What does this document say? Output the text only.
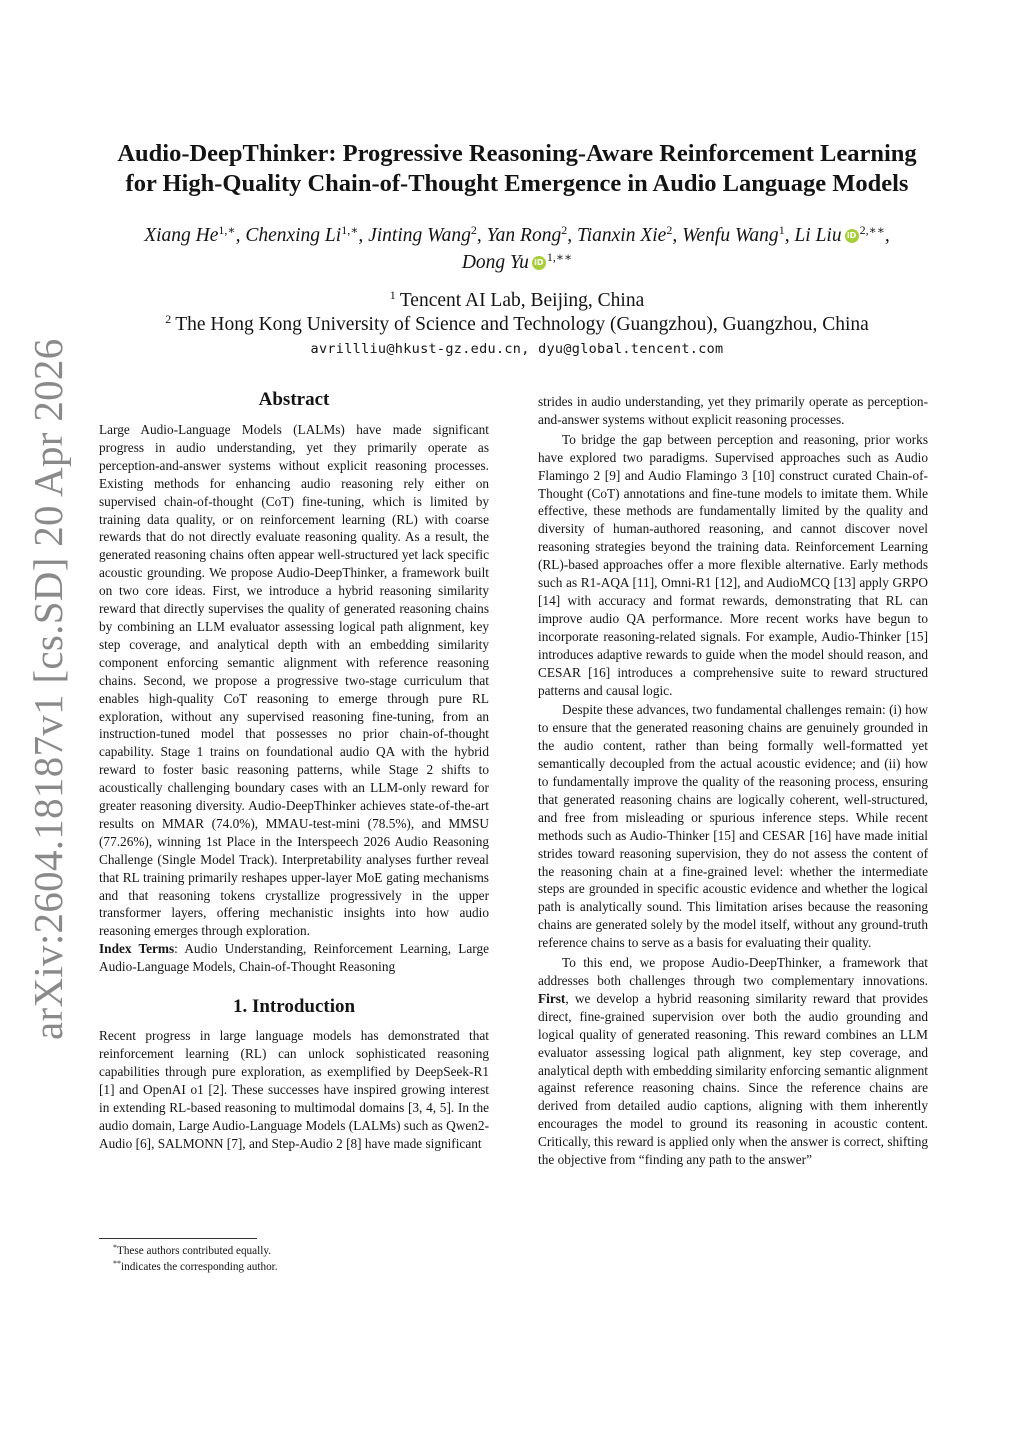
arXiv:2604.18187v1 [cs.SD] 20 Apr 2026
Audio-DeepThinker: Progressive Reasoning-Aware Reinforcement Learning
for High-Quality Chain-of-Thought Emergence in Audio Language Models
Xiang $He^{1,∗}$, Chenxing $Li^{1,∗}$, Jinting Wang$^2$, Yan Rong$^2$, Tianxin Xie$^2$, Wenfu Wang$^1$, Li Liu iD $^{2,∗∗}$,
Dong Yu iD $^{1,∗∗}$
$^1$ Tencent AI Lab, Beijing, China
$^2$ The Hong Kong University of Science and Technology (Guangzhou), Guangzhou, China
avrillliu@hkust-gz.edu.cn, dyu@global.tencent.com
Abstract

Large Audio-Language Models (LALMs) have made significant progress in audio understanding, yet they primarily operate as perception-and-answer systems without explicit reasoning processes. Existing methods for enhancing audio reasoning rely either on supervised chain-of-thought (CoT) fine-tuning, which is limited by training data quality, or on reinforcement learning (RL) with coarse rewards that do not directly evaluate reasoning quality. As a result, the generated reasoning chains often appear well-structured yet lack specific acoustic grounding. We propose Audio-DeepThinker, a framework built on two core ideas. First, we introduce a hybrid reasoning similarity reward that directly supervises the quality of generated reasoning chains by combining an LLM evaluator assessing logical path alignment, key step coverage, and analytical depth with an embedding similarity component enforcing semantic alignment with reference reasoning chains. Second, we propose a progressive two-stage curriculum that enables high-quality CoT reasoning to emerge through pure RL exploration, without any supervised reasoning fine-tuning, from an instruction-tuned model that possesses no prior chain-of-thought capability. Stage 1 trains on foundational audio QA with the hybrid reward to foster basic reasoning patterns, while Stage 2 shifts to acoustically challenging boundary cases with an LLM-only reward for greater reasoning diversity. Audio-DeepThinker achieves state-of-the-art results on MMAR (74.0%), MMAU-test-mini (78.5%), and MMSU (77.26%), winning 1st Place in the Interspeech 2026 Audio Reasoning Challenge (Single Model Track). Interpretability analyses further reveal that RL training primarily reshapes upper-layer MoE gating mechanisms and that reasoning tokens crystallize progressively in the upper transformer layers, offering mechanistic insights into how audio reasoning emerges through exploration.

Index Terms: Audio Understanding, Reinforcement Learning, Large Audio-Language Models, Chain-of-Thought Reasoning

1. Introduction

Recent progress in large language models has demonstrated that reinforcement learning (RL) can unlock sophisticated reasoning capabilities through pure exploration, as exemplified by DeepSeek-R1 [1] and OpenAI o1 [2]. These successes have inspired growing interest in extending RL-based reasoning to multimodal domains [3, 4, 5]. In the audio domain, Large Audio-Language Models (LALMs) such as Qwen2-Audio [6], SALMONN [7], and Step-Audio 2 [8] have made significant

*These authors contributed equally.
**indicates the corresponding author.

strides in audio understanding, yet they primarily operate as perception-and-answer systems without explicit reasoning processes.

To bridge the gap between perception and reasoning, prior works have explored two paradigms. Supervised approaches such as Audio Flamingo 2 [9] and Audio Flamingo 3 [10] construct curated Chain-of-Thought (CoT) annotations and fine-tune models to imitate them. While effective, these methods are fundamentally limited by the quality and diversity of human-authored reasoning, and cannot discover novel reasoning strategies beyond the training data. Reinforcement Learning (RL)-based approaches offer a more flexible alternative. Early methods such as R1-AQA [11], Omni-R1 [12], and AudioMCQ [13] apply GRPO [14] with accuracy and format rewards, demonstrating that RL can improve audio QA performance. More recent works have begun to incorporate reasoning-related signals. For example, Audio-Thinker [15] introduces adaptive rewards to guide when the model should reason, and CESAR [16] introduces a comprehensive suite to reward structured patterns and causal logic.

Despite these advances, two fundamental challenges remain: (i) how to ensure that the generated reasoning chains are genuinely grounded in the audio content, rather than being formally well-formatted yet semantically decoupled from the actual acoustic evidence; and (ii) how to fundamentally improve the quality of the reasoning process, ensuring that generated reasoning chains are logically coherent, well-structured, and free from misleading or spurious inference steps. While recent methods such as Audio-Thinker [15] and CESAR [16] have made initial strides toward reasoning supervision, they do not assess the content of the reasoning chain at a fine-grained level: whether the intermediate steps are grounded in specific acoustic evidence and whether the logical path is analytically sound. This limitation arises because the reasoning chains are generated solely by the model itself, without any ground-truth reference chains to serve as a basis for evaluating their quality.

To this end, we propose Audio-DeepThinker, a framework that addresses both challenges through two complementary innovations. First, we develop a hybrid reasoning similarity reward that provides direct, fine-grained supervision over both the audio grounding and logical quality of generated reasoning. This reward combines an LLM evaluator assessing logical path alignment, key step coverage, and analytical depth with embedding similarity enforcing semantic alignment against reference reasoning chains. Since the reference chains are derived from detailed audio captions, aligning with them inherently encourages the model to ground its reasoning in acoustic content. Critically, this reward is applied only when the answer is correct, shifting the objective from “finding any path to the answer”
